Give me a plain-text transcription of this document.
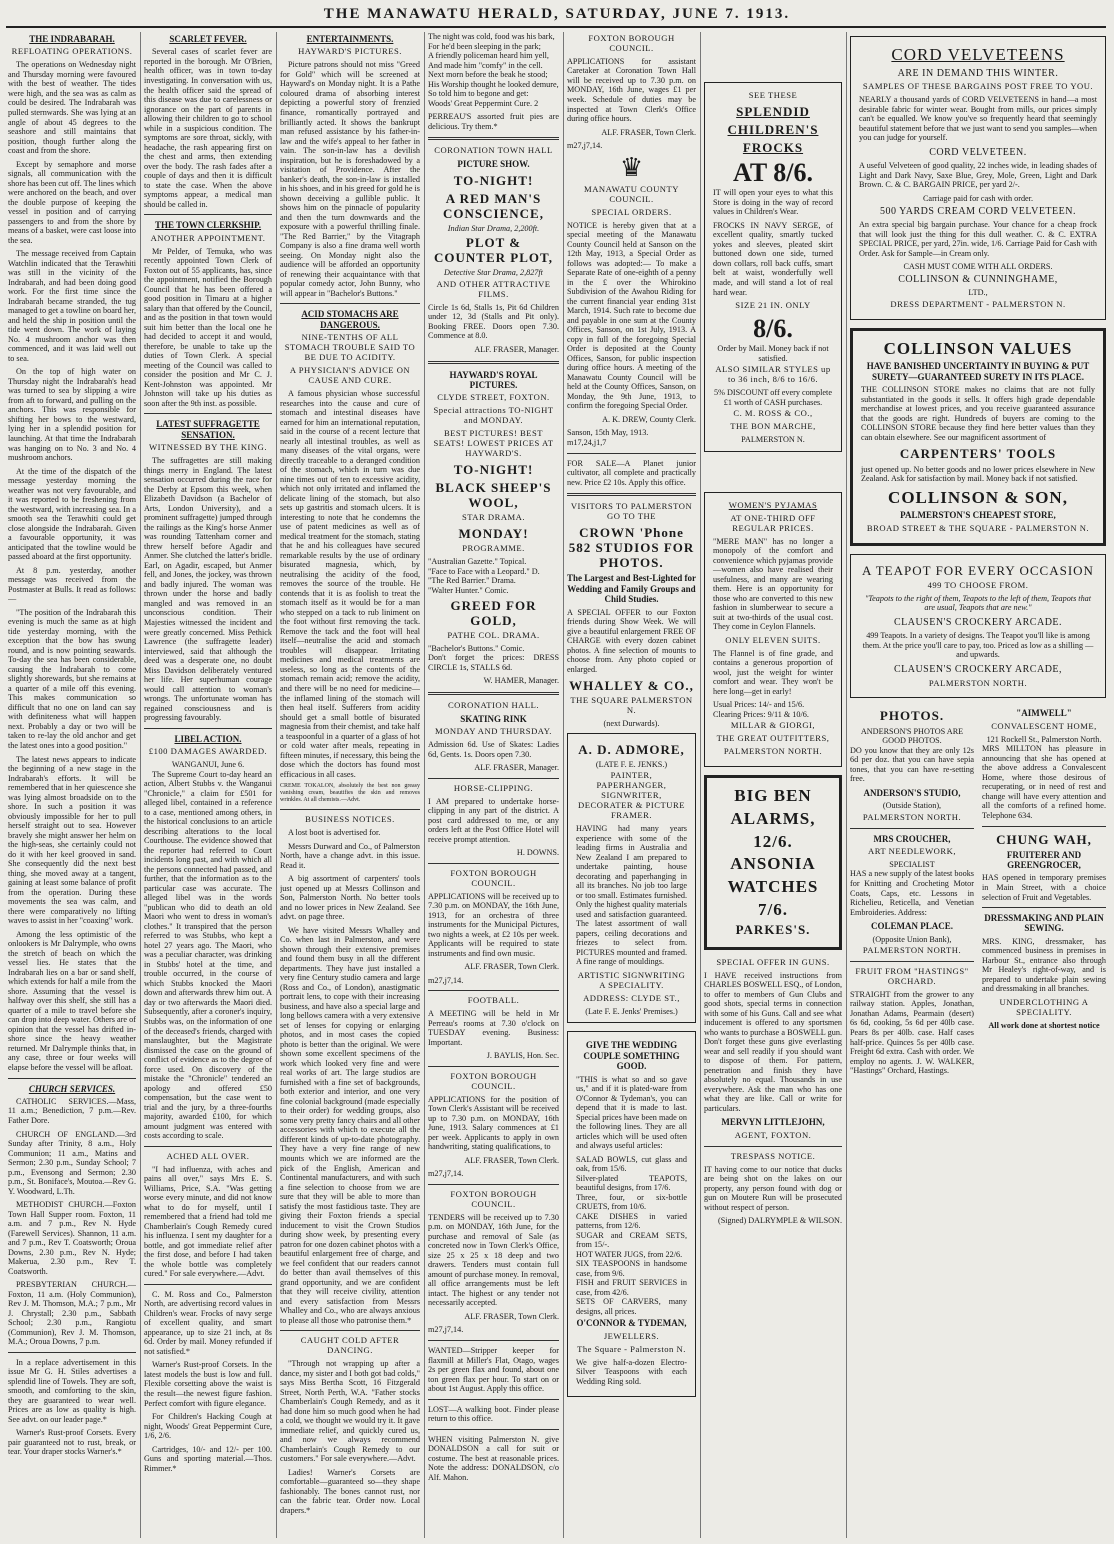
THE MANAWATU HERALD, SATURDAY, JUNE 7. 1913.
THE INDRABARAH.
REFLOATING OPERATIONS.

The operations on Wednesday night and Thursday morning were favoured with the best of weather. The tides were high, and the sea was as calm as could be desired. The Indrabarah was pulled sternwards. She was lying at an angle of about 45 degrees to the seashore and still maintains that position, though further along the coast and from the shore.

Except by semaphore and morse signals, all communication with the shore has been cut off. The lines which were anchored on the beach, and over the double purpose of keeping the vessel in position and of carrying passengers to and from the shore by means of a basket, were cast loose into the sea.

The message received from Captain Watchlin indicated that the Terawhiti was still in the vicinity of the Indrabarah, and had been doing good work. For the first time since the Indrabarah became stranded, the tug managed to get a towline on board her, and held the ship in position until the tide went down. The work of laying No. 4 mushroom anchor was then commenced, and it was laid well out to sea.

On the top of high water on Thursday night the Indrabarah's head was turned to sea by slipping a wire from aft to forward, and pulling on the anchors. This was responsible for shifting her bows to the westward, lying her in a splendid position for launching. At that time the Indrabarah was hanging on to No. 3 and No. 4 mushroom anchors.

At the time of the dispatch of the message yesterday morning the weather was not very favourable, and it was reported to be freshening from the westward, with increasing sea. In a smooth sea the Terawhiti could get close alongside the Indrabarah. Given a favourable opportunity, it was anticipated that the towline would be passed aboard at the first opportunity.

At 8 p.m. yesterday, another message was received from the Postmaster at Bulls. It read as follows:—

"The position of the Indrabarah this evening is much the same as at high tide yesterday morning, with the exception that the bow has swung round, and is now pointing seawards. To-day the sea has been considerable, causing the Indrabarah to come slightly shorewards, but she remains at a quarter of a mile off this evening. This makes communication so difficult that no one on land can say with definiteness what will happen next. Probably a day or two will be taken to re-lay the old anchor and get the latest ones into a good position."

The latest news appears to indicate the beginning of a new stage in the Indrabarah's efforts. It will be remembered that in her quiescence she was lying almost broadside on to the shore. In such a position it was obviously impossible for her to pull herself straight out to sea. However bravely she might answer her helm on the high-seas, she certainly could not do it with her keel grooved in sand. She consequently did the next best thing, she moved away at a tangent, gaining at least some balance of profit from the operation. During these movements the sea was calm, and there were comparatively no lifting waves to assist in her "coaxing" work.

Among the less optimistic of the onlookers is Mr Dalrymple, who owns the stretch of beach on which the vessel lies. He states that the Indrabarah lies on a bar or sand shelf, which extends for half a mile from the shore. Assuming that the vessel is halfway over this shelf, she still has a quarter of a mile to travel before she can drop into deep water. Others are of opinion that the vessel has drifted in-shore since the heavy weather returned. Mr Dalrymple thinks that, in any case, three or four weeks will elapse before the vessel will be afloat.

CHURCH SERVICES.

CATHOLIC SERVICES.—Mass, 11 a.m.; Benediction, 7 p.m.—Rev. Father Dore.

CHURCH OF ENGLAND.—3rd Sunday after Trinity, 8 a.m., Holy Communion; 11 a.m., Matins and Sermon; 2.30 p.m., Sunday School; 7 p.m., Evensong and Sermon; 2.30 p.m., St. Boniface's, Moutoa.—Rev G. Y. Woodward, L.Th.

METHODIST CHURCH.—Foxton Town Hall Supper room. Foxton, 11 a.m. and 7 p.m., Rev N. Hyde (Farewell Services). Shannon, 11 a.m. and 7 p.m., Rev T. Coatsworth; Oroua Downs, 2.30 p.m., Rev N. Hyde; Makerua, 2.30 p.m., Rev T. Coatsworth.

PRESBYTERIAN CHURCH.—Foxton, 11 a.m. (Holy Communion), Rev J. M. Thomson, M.A.; 7 p.m., Mr J. Chrystall; 2.30 p.m., Sabbath School; 2.30 p.m., Rangiotu (Communion), Rev J. M. Thomson, M.A.; Oroua Downs, 7 p.m.

In a replace advertisement in this issue Mr G. H. Stiles advertises a splendid line of Towels. They are soft, smooth, and comforting to the skin, they are guaranteed to wear well. Prices are as low as quality is high. See advt. on our leader page.*

Warner's Rust-proof Corsets. Every pair guaranteed not to rust, break, or tear. Your draper stocks Warner's.*

SCARLET FEVER.

Several cases of scarlet fever are reported in the borough. Mr O'Brien, health officer, was in town to-day investigating. In conversation with us, the health officer said the spread of this disease was due to carelessness or ignorance on the part of parents in allowing their children to go to school while in a suspicious condition. The symptoms are sore throat, sickly, with headache, the rash appearing first on the chest and arms, then extending over the body. The rash fades after a couple of days and then it is difficult to state the case. When the above symptoms appear, a medical man should be called in.

THE TOWN CLERKSHIP.
ANOTHER APPOINTMENT.

Mr Pelder, of Temuka, who was recently appointed Town Clerk of Foxton out of 55 applicants, has, since the appointment, notified the Borough Council that he has been offered a good position in Timaru at a higher salary than that offered by the Council, and as the position in that town would suit him better than the local one he had decided to accept it and would, therefore, be unable to take up the duties of Town Clerk. A special meeting of the Council was called to consider the position and Mr C. J. Kent-Johnston was appointed. Mr Johnston will take up his duties as soon after the 9th inst. as possible.

LATEST SUFFRAGETTE SENSATION.
WITNESSED BY THE KING.

The suffragettes are still making things merry in England. The latest sensation occurred during the race for the Derby at Epsom this week, when Elizabeth Davidson (a Bachelor of Arts, London University), and a prominent suffragette) jumped through the railings as the King's horse Anmer was rounding Tattenham corner and threw herself before Agadir and Anmer. She clutched the latter's bridle. Earl, on Agadir, escaped, but Anmer fell, and Jones, the jockey, was thrown and badly injured. The woman was thrown under the horse and badly mangled and was removed in an unconscious condition. Their Majesties witnessed the incident and were greatly concerned. Miss Pethick Lawrence (the suffragette leader) interviewed, said that although the deed was a desperate one, no doubt Miss Davidson deliberately ventured her life. Her superhuman courage would call attention to woman's wrongs. The unfortunate woman has regained consciousness and is progressing favourably.

LIBEL ACTION.
£100 DAMAGES AWARDED.
WANGANUI, June 6.

The Supreme Court to-day heard an action, Albert Stubbs v. the Wanganui "Chronicle," a claim for £501 for alleged libel, contained in a reference to a case, mentioned among others, in the historical conclusions to an article describing alterations to the local Courthouse. The evidence showed that the reporter had referred to Court incidents long past, and with which all the persons connected had passed, and further, that the information as to the particular case was accurate. The alleged libel was in the words "publican who did to death an old Maori who went to dress in woman's clothes." It transpired that the person referred to was Stubbs, who kept a hotel 27 years ago. The Maori, who was a peculiar character, was drinking in Stubbs' hotel at the time, and trouble occurred, in the course of which Stubbs knocked the Maori down and afterwards threw him out. A day or two afterwards the Maori died. Subsequently, after a coroner's inquiry, Stubbs was, on the information of one of the deceased's friends, charged with manslaughter, but the Magistrate dismissed the case on the ground of conflict of evidence as to the degree of force used. On discovery of the mistake the "Chronicle" tendered an apology and offered £50 compensation, but the case went to trial and the jury, by a three-fourths majority, awarded £100, for which amount judgment was entered with costs according to scale.

ACHED ALL OVER.

"I had influenza, with aches and pains all over," says Mrs E. S. Williams, Price, S.A. "Was getting worse every minute, and did not know what to do for myself, until I remembered that a friend had told me Chamberlain's Cough Remedy cured his influenza. I sent my daughter for a bottle, and got immediate relief after the first dose, and before I had taken the whole bottle was completely cured." For sale everywhere.—Advt.

C. M. Ross and Co., Palmerston North, are advertising record values in Children's wear. Frocks of navy serge of excellent quality, and smart appearance, up to size 21 inch, at 8s 6d. Order by mail. Money refunded if not satisfied.*

Warner's Rust-proof Corsets. In the latest models the bust is low and full. Flexible corsetting above the waist is the result—the newest figure fashion. Perfect comfort with figure elegance.

For Children's Hacking Cough at night, Woods' Great Peppermint Cure, 1/6, 2/6.

Cartridges, 10/- and 12/- per 100. Guns and sporting material.—Thos. Rimmer.*

ENTERTAINMENTS.
HAYWARD'S PICTURES.

Picture patrons should not miss "Greed for Gold" which will be screened at Hayward's on Monday night. It is a Pathe coloured drama of absorbing interest depicting a powerful story of frenzied finance, romantically portrayed and brilliantly acted. It shows the bankrupt man refused assistance by his father-in-law and the wife's appeal to her father in vain. The son-in-law has a devilish inspiration, but he is foreshadowed by a visitation of Providence. After the banker's death, the son-in-law is installed in his shoes, and in his greed for gold he is shown deceiving a gullible public. It shows him on the pinnacle of popularity and then the turn downwards and the exposure with a powerful thrilling finale. "The Red Barrier," by the Vitagraph Company is also a fine drama well worth seeing. On Monday night also the audience will be afforded an opportunity of renewing their acquaintance with that popular comedy actor, John Bunny, who will appear in "Bachelor's Buttons."

ACID STOMACHS ARE DANGEROUS.
NINE-TENTHS OF ALL STOMACH TROUBLE SAID TO BE DUE TO ACIDITY.
A PHYSICIAN'S ADVICE ON CAUSE AND CURE.

A famous physician whose successful researches into the cause and cure of stomach and intestinal diseases have earned for him an international reputation, said in the course of a recent lecture that nearly all intestinal troubles, as well as many diseases of the vital organs, were directly traceable to a deranged condition of the stomach, which in turn was due nine times out of ten to excessive acidity, which not only irritated and inflamed the delicate lining of the stomach, but also sets up gastritis and stomach ulcers. It is interesting to note that he condemns the use of patent medicines as well as of medical treatment for the stomach, stating that he and his colleagues have secured remarkable results by the use of ordinary bisurated magnesia, which, by neutralising the acidity of the food, removes the source of the trouble. He contends that it is as foolish to treat the stomach itself as it would be for a man who stepped on a tack to rub liniment on the foot without first removing the tack. Remove the tack and the foot will heal itself—neutralise the acid and stomach troubles will disappear. Irritating medicines and medical treatments are useless, so long as the contents of the stomach remain acid; remove the acidity, and there will be no need for medicine—the inflamed lining of the stomach will then heal itself. Sufferers from acidity should get a small bottle of bisurated magnesia from their chemist, and take half a teaspoonful in a quarter of a glass of hot or cold water after meals, repeating in fifteen minutes, if necessary, this being the dose which the doctors has found most efficacious in all cases.

CREME TOKALON, absolutely the best non greasy vanishing cream, beautifies the skin and removes wrinkles. At all chemists.—Advt.

BUSINESS NOTICES.

A lost boot is advertised for.

Messrs Durward and Co., of Palmerston North, have a change advt. in this issue. Read it.

A big assortment of carpenters' tools just opened up at Messrs Collinson and Son, Palmerston North. No better tools and no lower prices in New Zealand. See advt. on page three.

We have visited Messrs Whalley and Co. when last in Palmerston, and were shown through their extensive premises and found them busy in all the different departments. They have just installed a very fine Century studio camera and large (Ross and Co., of London), anastigmatic portrait lens, to cope with their increasing business, and have also a special large and long bellows camera with a very extensive set of lenses for copying or enlarging photos, and in most cases the copied photo is better than the original. We were shown some excellent specimens of the work which looked very fine and were real works of art. The large studios are furnished with a fine set of backgrounds, both exterior and interior, and one very fine colonial background (made especially to their order) for wedding groups, also some very pretty fancy chairs and all other accessories with which to execute all the different kinds of up-to-date photography. They have a very fine range of new mounts which we are informed are the pick of the English, American and Continental manufacturers, and with such a fine selection to choose from we are sure that they will be able to more than satisfy the most fastidious taste. They are giving their Foxton friends a special inducement to visit the Crown Studios during show week, by presenting every patron for one dozen cabinet photos with a beautiful enlargement free of charge, and we feel confident that our readers cannot do better than avail themselves of this grand opportunity, and we are confident that they will receive civility, attention and every satisfaction from Messrs Whalley and Co., who are always anxious to please all those who patronise them.*

CAUGHT COLD AFTER DANCING.

"Through not wrapping up after a dance, my sister and I both got bad colds," says Miss Bertha Scott, 16 Fitzgerald Street, North Perth, W.A. "Father stocks Chamberlain's Cough Remedy, and as it had done him so much good when he had a cold, we thought we would try it. It gave immediate relief, and quickly cured us, and now we always recommend Chamberlain's Cough Remedy to our customers." For sale everywhere.—Advt.

Ladies! Warner's Corsets are comfortable—guaranteed so—they shape fashionably. The bones cannot rust, nor can the fabric tear. Order now. Local drapers.*

The night was cold, food was his bark,
For he'd been sleeping in the park;
A friendly policeman heard him yell,
And made him "comfy" in the cell.
Next morn before the beak he stood;
His Worship thought he looked demure,
So told him to begone and get:
Woods' Great Peppermint Cure. 2

PERREAU'S assorted fruit pies are delicious. Try them.*

CORONATION TOWN HALL
PICTURE SHOW.
TO-NIGHT!
A RED MAN'S CONSCIENCE,
Indian Star Drama, 2,200ft.
PLOT & COUNTER PLOT,
Detective Star Drama, 2,827ft
AND OTHER ATTRACTIVE FILMS.

Circle 1s 6d, Stalls 1s, Pit 6d Children under 12, 3d (Stalls and Pit only). Booking FREE. Doors open 7.30. Commence at 8.0.

ALF. FRASER, Manager.
HAYWARD'S ROYAL PICTURES.
CLYDE STREET, FOXTON.
Special attractions TO-NIGHT and MONDAY.
BEST PICTURES! BEST SEATS! LOWEST PRICES AT HAYWARD'S.
TO-NIGHT!
BLACK SHEEP'S WOOL,
STAR DRAMA.
MONDAY!
PROGRAMME.
"Australian Gazette." Topical.
"Face to Face with a Leopard." D.
"The Red Barrier." Drama.
"Walter Hunter." Comic.
GREED FOR GOLD,
PATHE COL. DRAMA.
"Bachelor's Buttons." Comic.

Don't forget the prices: DRESS CIRCLE 1s, STALLS 6d.

W. HAMER, Manager.
CORONATION HALL.
SKATING RINK
MONDAY AND THURSDAY.

Admission 6d. Use of Skates: Ladies 6d, Gents. 1s. Doors open 7.30.

ALF. FRASER, Manager.
HORSE-CLIPPING.

I AM prepared to undertake horse-clipping in any part of the district. A post card addressed to me, or any orders left at the Post Office Hotel will receive prompt attention.

H. DOWNS.
FOXTON BOROUGH COUNCIL.

APPLICATIONS will be received up to 7.30 p.m. on MONDAY, the 16th June, 1913, for an orchestra of three instruments for the Municipal Pictures, two nights a week, at £2 10s per week. Applicants will be required to state instruments and find own music.

ALF. FRASER, Town Clerk.
m27,j7,14.
FOOTBALL.

A MEETING will be held in Mr Perreau's rooms at 7.30 o'clock on TUESDAY evening. Business: Important.

J. BAYLIS, Hon. Sec.
FOXTON BOROUGH COUNCIL.

APPLICATIONS for the position of Town Clerk's Assistant will be received up to 7.30 p.m. on MONDAY, 16th June, 1913. Salary commences at £1 per week. Applicants to apply in own handwriting, stating qualifications, to

ALF. FRASER, Town Clerk.
m27,j7,14.
FOXTON BOROUGH COUNCIL.

TENDERS will be received up to 7.30 p.m. on MONDAY, 16th June, for the purchase and removal of Sale (as concreted now in Town Clerk's Office, size 25 x 25 x 18 deep and two drawers. Tenders must contain full amount of purchase money. In removal, all office arrangements must be left intact. The highest or any tender not necessarily accepted.

ALF. FRASER, Town Clerk.
m27,j7,14.

WANTED—Stripper keeper for flaxmill at Miller's Flat, Otago, wages 2s per green flax and found, about one ton green flax per hour. To start on or about 1st August. Apply this office.

LOST—A walking boot. Finder please return to this office.

WHEN visiting Palmerston N. give DONALDSON a call for suit or costume. The best at reasonable prices. Note the address: DONALDSON, c/o Alf. Mahon.

FOXTON BOROUGH COUNCIL.

APPLICATIONS for assistant Caretaker at Coronation Town Hall will be received up to 7.30 p.m. on MONDAY, 16th June, wages £1 per week. Schedule of duties may be inspected at Town Clerk's Office during office hours.

ALF. FRASER, Town Clerk.
m27,j7,14.
♛
MANAWATU COUNTY COUNCIL.
SPECIAL ORDERS.

NOTICE is hereby given that at a special meeting of the Manawatu County Council held at Sanson on the 12th May, 1913, a Special Order as follows was adopted:— To make a Separate Rate of one-eighth of a penny in the £ over the Whirokino Subdivision of the Awahou Riding for the current financial year ending 31st March, 1914. Such rate to become due and payable in one sum at the County Offices, Sanson, on 1st July, 1913. A copy in full of the foregoing Special Order is deposited at the County Offices, Sanson, for public inspection during office hours. A meeting of the Manawatu County Council will be held at the County Offices, Sanson, on Monday, the 9th June, 1913, to confirm the foregoing Special Order.

A. K. DREW, County Clerk.
Sanson, 15th May, 1913.
m17,24,j1,7

FOR SALE—A Planet junior cultivator, all complete and practically new. Price £2 10s. Apply this office.

VISITORS TO PALMERSTON GO TO THE
CROWN 'Phone 582 STUDIOS FOR PHOTOS.
The Largest and Best-Lighted for Wedding and Family Groups and Child Studies.

A SPECIAL OFFER to our Foxton friends during Show Week. We will give a beautiful enlargement FREE OF CHARGE with every dozen cabinet photos. A fine selection of mounts to choose from. Any photo copied or enlarged.

WHALLEY & CO.,
THE SQUARE PALMERSTON N.
(next Durwards).
A. D. ADMORE,
(LATE F. E. JENKS.)
PAINTER, PAPERHANGER, SIGNWRITER, DECORATER & PICTURE FRAMER.

HAVING had many years experience with some of the leading firms in Australia and New Zealand I am prepared to undertake painting, house decorating and paperhanging in all its branches. No job too large or too small. Estimates furnished. Only the highest quality materials used and satisfaction guaranteed. The latest assortment of wall papers, ceiling decorations and friezes to select from. PICTURES mounted and framed. A fine range of mouldings.

ARTISTIC SIGNWRITING A SPECIALITY.
ADDRESS: CLYDE ST.,
(Late F. E. Jenks' Premises.)
GIVE THE WEDDING COUPLE SOMETHING GOOD.

"THIS is what so and so gave us," and if it is plated-ware from O'Connor & Tydeman's, you can depend that it is made to last. Special prices have been made on the following lines. They are all articles which will be used often and always useful articles:

SALAD BOWLS, cut glass and oak, from 15/6.
Silver-plated TEAPOTS, beautiful designs, from 17/6.
Three, four, or six-bottle CRUETS, from 10/6.
CAKE DISHES in varied patterns, from 12/6.
SUGAR and CREAM SETS, from 15/-.
HOT WATER JUGS, from 22/6.
SIX TEASPOONS in handsome case, from 9/6.
FISH and FRUIT SERVICES in case, from 42/6.
SETS OF CARVERS, many designs, all prices.
O'CONNOR & TYDEMAN,
JEWELLERS.
The Square - Palmerston N.

We give half-a-dozen Electro-Silver Teaspoons with each Wedding Ring sold.

SEE THESE
SPLENDID
CHILDREN'S
FROCKS
AT 8/6.

IT will open your eyes to what this Store is doing in the way of record values in Children's Wear.

FROCKS IN NAVY SERGE, of excellent quality, smartly tucked yokes and sleeves, pleated skirt buttoned down one side, turned down collars, roll back cuffs, smart belt at waist, wonderfully well made, and will stand a lot of real hard wear.

SIZE 21 IN. ONLY
8/6.
Order by Mail. Money back if not satisfied.
ALSO SIMILAR STYLES up to 36 inch, 8/6 to 16/6.
5% DISCOUNT off every complete £1 worth of CASH purchases.
C. M. ROSS & CO.,
THE BON MARCHE,
PALMERSTON N.
WOMEN'S PYJAMAS
AT ONE-THIRD OFF REGULAR PRICES.

"MERE MAN" has no longer a monopoly of the comfort and convenience which pyjamas provide—women also have realised their usefulness, and many are wearing them. Here is an opportunity for those who are converted to this new fashion in slumberwear to secure a suit at two-thirds of the usual cost. They come in Ceylon Flannels.

ONLY ELEVEN SUITS.

The Flannel is of fine grade, and contains a generous proportion of wool, just the weight for winter comfort and wear. They won't be here long—get in early!

Usual Prices: 14/- and 15/6.
Clearing Prices: 9/11 & 10/6.
MILLAR & GIORGI,
THE GREAT OUTFITTERS,
PALMERSTON NORTH.
BIG BEN
ALARMS,
12/6.
ANSONIA
WATCHES
7/6.
PARKES'S.
SPECIAL OFFER IN GUNS.

I HAVE received instructions from CHARLES BOSWELL ESQ., of London, to offer to members of Gun Clubs and good shots, special terms in connection with some of his Guns. Call and see what inducement is offered to any sportsmen who wants to purchase a BOSWELL gun. Don't forget these guns give everlasting wear and sell readily if you should want to dispose of them. For pattern, penetration and finish they have absolutely no equal. Thousands in use everywhere. Ask the man who has one what they are like. Call or write for particulars.

MERVYN LITTLEJOHN,
AGENT, FOXTON.
TRESPASS NOTICE.

IT having come to our notice that ducks are being shot on the lakes on our property, any person found with dog or gun on Moutere Run will be prosecuted without respect of person.

(Signed) DALRYMPLE & WILSON.
CORD VELVETEENS
ARE IN DEMAND THIS WINTER.
SAMPLES OF THESE BARGAINS POST FREE TO YOU.

NEARLY a thousand yards of CORD VELVETEENS in hand—a most desirable fabric for winter wear. Bought from mills, our prices simply can't be equalled. We know you've so frequently heard that seemingly beautiful statement before that we just want to send you samples—when you can judge for yourself.

CORD VELVETEEN.

A useful Velveteen of good quality, 22 inches wide, in leading shades of Light and Dark Navy, Saxe Blue, Grey, Mole, Green, Light and Dark Brown. C. & C. BARGAIN PRICE, per yard 2/-.

Carriage paid for cash with order.
500 YARDS CREAM CORD VELVETEEN.

An extra special big bargain purchase. Your chance for a cheap frock that will look just the thing for this dull weather. C. & C. EXTRA SPECIAL PRICE, per yard, 27in. wide, 1/6. Carriage Paid for Cash with Order. Ask for Sample—in Cream only.

CASH MUST COME WITH ALL ORDERS.
COLLINSON & CUNNINGHAME,
LTD.,
DRESS DEPARTMENT - PALMERSTON N.
COLLINSON VALUES
HAVE BANISHED UNCERTAINTY IN BUYING & PUT SURETY—GUARANTEED SURETY IN ITS PLACE.

THE COLLINSON STORE makes no claims that are not fully substantiated in the goods it sells. It offers high grade dependable merchandise at lowest prices, and you receive guaranteed assurance that the goods are right. Hundreds of buyers are coming to the COLLINSON STORE because they find here better values than they can obtain elsewhere. See our magnificent assortment of

CARPENTERS' TOOLS

just opened up. No better goods and no lower prices elsewhere in New Zealand. Ask for satisfaction by mail. Money back if not satisfied.

COLLINSON & SON,
PALMERSTON'S CHEAPEST STORE,
BROAD STREET & THE SQUARE - PALMERSTON N.
A TEAPOT FOR EVERY OCCASION
499 TO CHOOSE FROM.

"Teapots to the right of them, Teapots to the left of them, Teapots that are usual, Teapots that are new."

CLAUSEN'S CROCKERY ARCADE.

499 Teapots. In a variety of designs. The Teapot you'll like is among them. At the price you'll care to pay, too. Priced as low as a shilling —and upwards.

CLAUSEN'S CROCKERY ARCADE,
PALMERSTON NORTH.
PHOTOS.
ANDERSON'S PHOTOS ARE GOOD PHOTOS.

DO you know that they are only 12s 6d per doz. that you can have sepia tones, that you can have re-setting free.

ANDERSON'S STUDIO,
(Outside Station),
PALMERSTON NORTH.
MRS CROUCHER,
ART NEEDLEWORK,
SPECIALIST

HAS a new supply of the latest books for Knitting and Crocheting Motor Coats, Caps, etc. Lessons in Richelieu, Reticella, and Venetian Embroideries. Address:

COLEMAN PLACE.
(Opposite Union Bank),
PALMERSTON NORTH.
FRUIT FROM "HASTINGS" ORCHARD.

STRAIGHT from the grower to any railway station. Apples, Jonathan, Jonathan Adams, Pearmain (desert) 6s 6d, cooking, 5s 6d per 40lb case. Pears 8s per 40lb. case. Half cases half-price. Quinces 5s per 40lb case. Freight 6d extra. Cash with order. We employ no agents. J. W. WALKER, "Hastings" Orchard, Hastings.

"AIMWELL"
CONVALESCENT HOME,
121 Rockell St., Palmerston North.

MRS MILLTON has pleasure in announcing that she has opened at the above address a Convalescent Home, where those desirous of recuperating, or in need of rest and change will have every attention and all the comforts of a refined home. Telephone 634.

CHUNG WAH,
FRUITERER AND GREENGROCER,

HAS opened in temporary premises in Main Street, with a choice selection of Fruit and Vegetables.

DRESSMAKING AND PLAIN SEWING.

MRS. KING, dressmaker, has commenced business in premises in Harbour St., entrance also through Mr Healey's right-of-way, and is prepared to undertake plain sewing and dressmaking in all branches.

UNDERCLOTHING A SPECIALITY.
All work done at shortest notice
